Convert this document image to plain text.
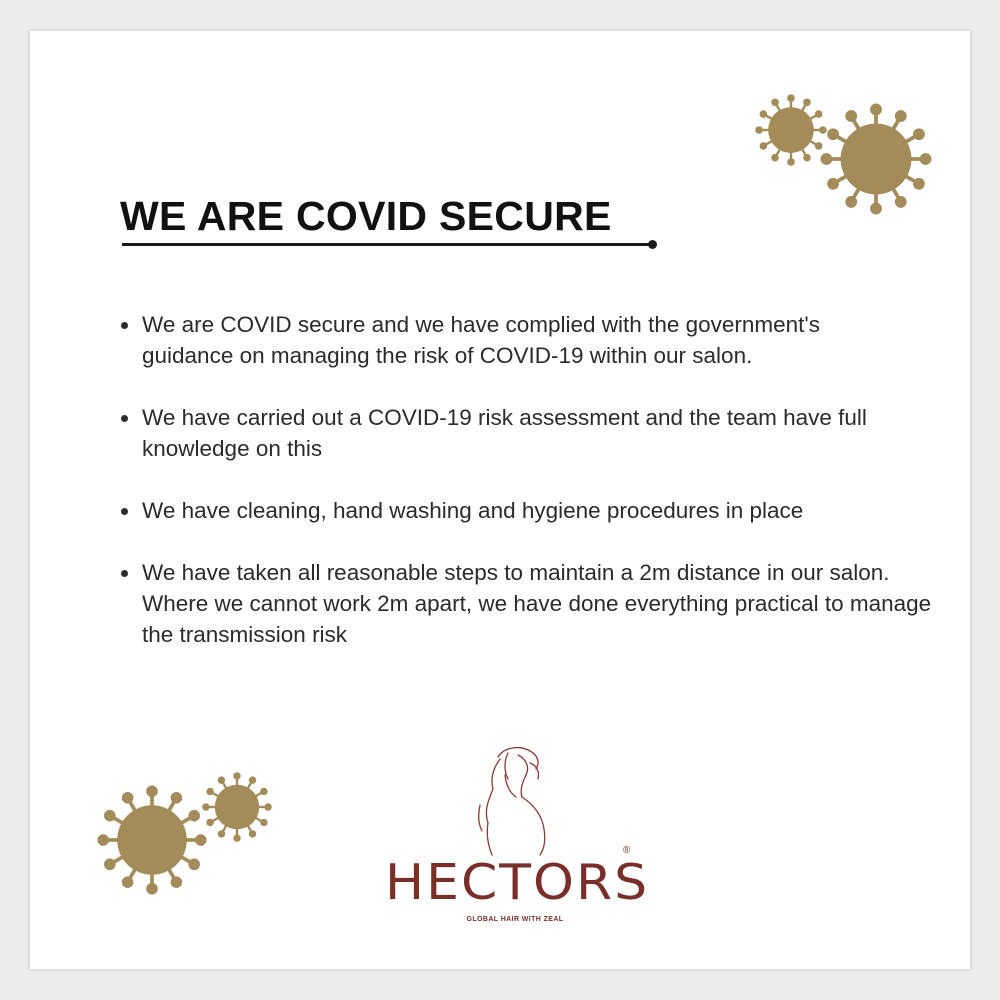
WE ARE COVID SECURE
We are COVID secure and we have complied with the government's guidance on managing the risk of COVID-19 within our salon.
We have carried out a COVID-19 risk assessment and the team have full knowledge on this
We have cleaning, hand washing and hygiene procedures in place
We have taken all reasonable steps to maintain a 2m distance in our salon. Where we cannot work 2m apart, we have done everything practical to manage the transmission risk
HECTORS
®
GLOBAL HAIR WITH ZEAL
